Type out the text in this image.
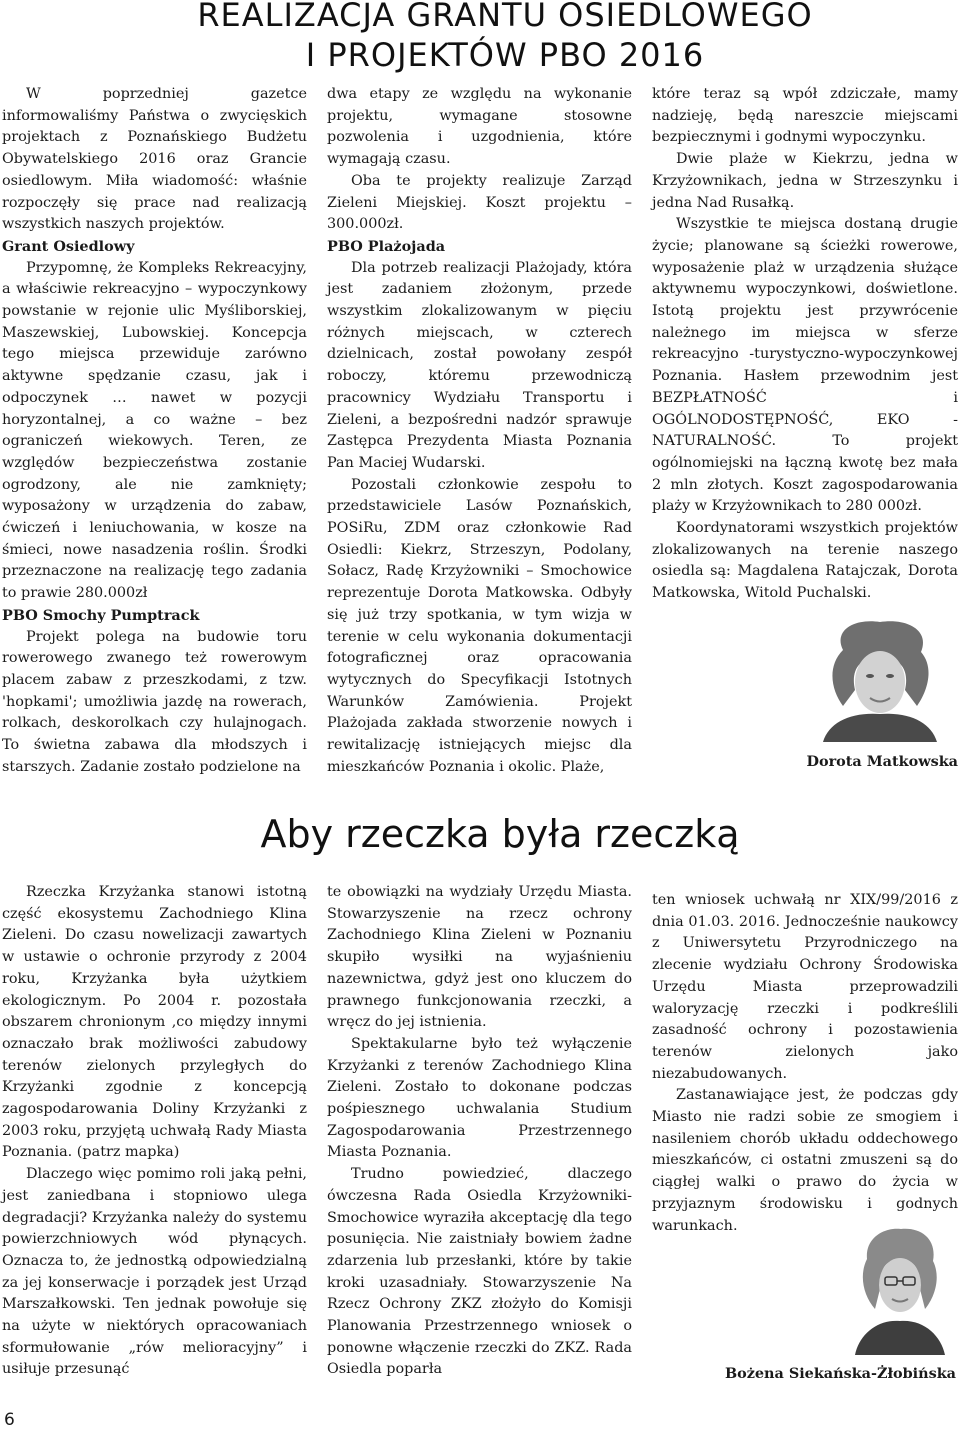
REALIZACJA GRANTU OSIEDLOWEGO
I PROJEKTÓW PBO 2016

W poprzedniej gazetce informowaliśmy Państwa o zwycięskich projektach z Poznańskiego Budżetu Obywatelskiego 2016 oraz Grancie osiedlowym. Miła wiadomość: właśnie rozpoczęły się prace nad realizacją wszystkich naszych projektów.

Grant Osiedlowy

Przypomnę, że Kompleks Rekreacyjny, a właściwie rekreacyjno – wypoczynkowy powstanie w rejonie ulic Myśliborskiej, Maszewskiej, Lubowskiej. Koncepcja tego miejsca przewiduje zarówno aktywne spędzanie czasu, jak i odpoczynek … nawet w pozycji horyzontalnej, a co ważne – bez ograniczeń wiekowych. Teren, ze względów bezpieczeństwa zostanie ogrodzony, ale nie zamknięty; wyposażony w urządzenia do zabaw, ćwiczeń i leniuchowania, w kosze na śmieci, nowe nasadzenia roślin. Środki przeznaczone na realizację tego zadania to prawie 280.000zł

PBO Smochy Pumptrack

Projekt polega na budowie toru rowerowego zwanego też rowerowym placem zabaw z przeszkodami, z tzw. 'hopkami'; umożliwia jazdę na rowerach, rolkach, deskorolkach czy hulajnogach. To świetna zabawa dla młodszych i starszych. Zadanie zostało podzielone na

dwa etapy ze względu na wykonanie projektu, wymagane stosowne pozwolenia i uzgodnienia, które wymagają czasu.

Oba te projekty realizuje Zarząd Zieleni Miejskiej. Koszt projektu – 300.000zł.

PBO Plażojada

Dla potrzeb realizacji Plażojady, która jest zadaniem złożonym, przede wszystkim zlokalizowanym w pięciu różnych miejscach, w czterech dzielnicach, został powołany zespół roboczy, któremu przewodniczą pracownicy Wydziału Transportu i Zieleni, a bezpośredni nadzór sprawuje Zastępca Prezydenta Miasta Poznania Pan Maciej Wudarski.

Pozostali członkowie zespołu to przedstawiciele Lasów Poznańskich, POSiRu, ZDM oraz członkowie Rad Osiedli: Kiekrz, Strzeszyn, Podolany, Sołacz, Radę Krzyżowniki – Smochowice reprezentuje Dorota Matkowska. Odbyły się już trzy spotkania, w tym wizja w terenie w celu wykonania dokumentacji fotograficznej oraz opracowania wytycznych do Specyfikacji Istotnych Warunków Zamówienia. Projekt Plażojada zakłada stworzenie nowych i rewitalizację istniejących miejsc dla mieszkańców Poznania i okolic. Plaże,

które teraz są wpół zdziczałe, mamy nadzieję, będą nareszcie miejscami bezpiecznymi i godnymi wypoczynku.

Dwie plaże w Kiekrzu, jedna w Krzyżownikach, jedna w Strzeszynku i jedna Nad Rusałką.

Wszystkie te miejsca dostaną drugie życie; planowane są ścieżki rowerowe, wyposażenie plaż w urządzenia służące aktywnemu wypoczynkowi, doświetlone. Istotą projektu jest przywrócenie należnego im miejsca w sferze rekreacyjno -turystyczno-wypoczynkowej Poznania. Hasłem przewodnim jest BEZPŁATNOŚĆ i OGÓLNODOSTĘPNOŚĆ, EKO - NATURALNOŚĆ. To projekt ogólnomiejski na łączną kwotę bez mała 2 mln złotych. Koszt zagospodarowania plaży w Krzyżownikach to 280 000zł.

Koordynatorami wszystkich projektów zlokalizowanych na terenie naszego osiedla są: Magdalena Ratajczak, Dorota Matkowska, Witold Puchalski.

Dorota Matkowska

Aby rzeczka była rzeczką

Rzeczka Krzyżanka stanowi istotną część ekosystemu Zachodniego Klina Zieleni. Do czasu nowelizacji zawartych w ustawie o ochronie przyrody z 2004 roku, Krzyżanka była użytkiem ekologicznym. Po 2004 r. pozostała obszarem chronionym ,co między innymi oznaczało brak możliwości zabudowy terenów zielonych przyległych do Krzyżanki zgodnie z koncepcją zagospodarowania Doliny Krzyżanki z 2003 roku, przyjętą uchwałą Rady Miasta Poznania. (patrz mapka)

Dlaczego więc pomimo roli jaką pełni, jest zaniedbana i stopniowo ulega degradacji? Krzyżanka należy do systemu powierzchniowych wód płynących. Oznacza to, że jednostką odpowiedzialną za jej konserwacje i porządek jest Urząd Marszałkowski. Ten jednak powołuje się na użyte w niektórych opracowaniach sformułowanie „rów melioracyjny” i usiłuje przesunąć

te obowiązki na wydziały Urzędu Miasta. Stowarzyszenie na rzecz ochrony Zachodniego Klina Zieleni w Poznaniu skupiło wysiłki na wyjaśnieniu nazewnictwa, gdyż jest ono kluczem do prawnego funkcjonowania rzeczki, a wręcz do jej istnienia.

Spektakularne było też wyłączenie Krzyżanki z terenów Zachodniego Klina Zieleni. Zostało to dokonane podczas pośpiesznego uchwalania Studium Zagospodarowania Przestrzennego Miasta Poznania.

Trudno powiedzieć, dlaczego ówczesna Rada Osiedla Krzyżowniki-Smochowice wyraziła akceptację dla tego posunięcia. Nie zaistniały bowiem żadne zdarzenia lub przesłanki, które by takie kroki uzasadniały. Stowarzyszenie Na Rzecz Ochrony ZKZ złożyło do Komisji Planowania Przestrzennego wniosek o ponowne włączenie rzeczki do ZKZ. Rada Osiedla poparła

ten wniosek uchwałą nr XIX/99/2016 z dnia 01.03. 2016. Jednocześnie naukowcy z Uniwersytetu Przyrodniczego na zlecenie wydziału Ochrony Środowiska Urzędu Miasta przeprowadzili waloryzację rzeczki i podkreślili zasadność ochrony i pozostawienia terenów zielonych jako niezabudowanych.

Zastanawiające jest, że podczas gdy Miasto nie radzi sobie ze smogiem i nasileniem chorób układu oddechowego mieszkańców, ci ostatni zmuszeni są do ciągłej walki o prawo do życia w przyjaznym środowisku i godnych warunkach.

Bożena Siekańska-Żłobińska

6
